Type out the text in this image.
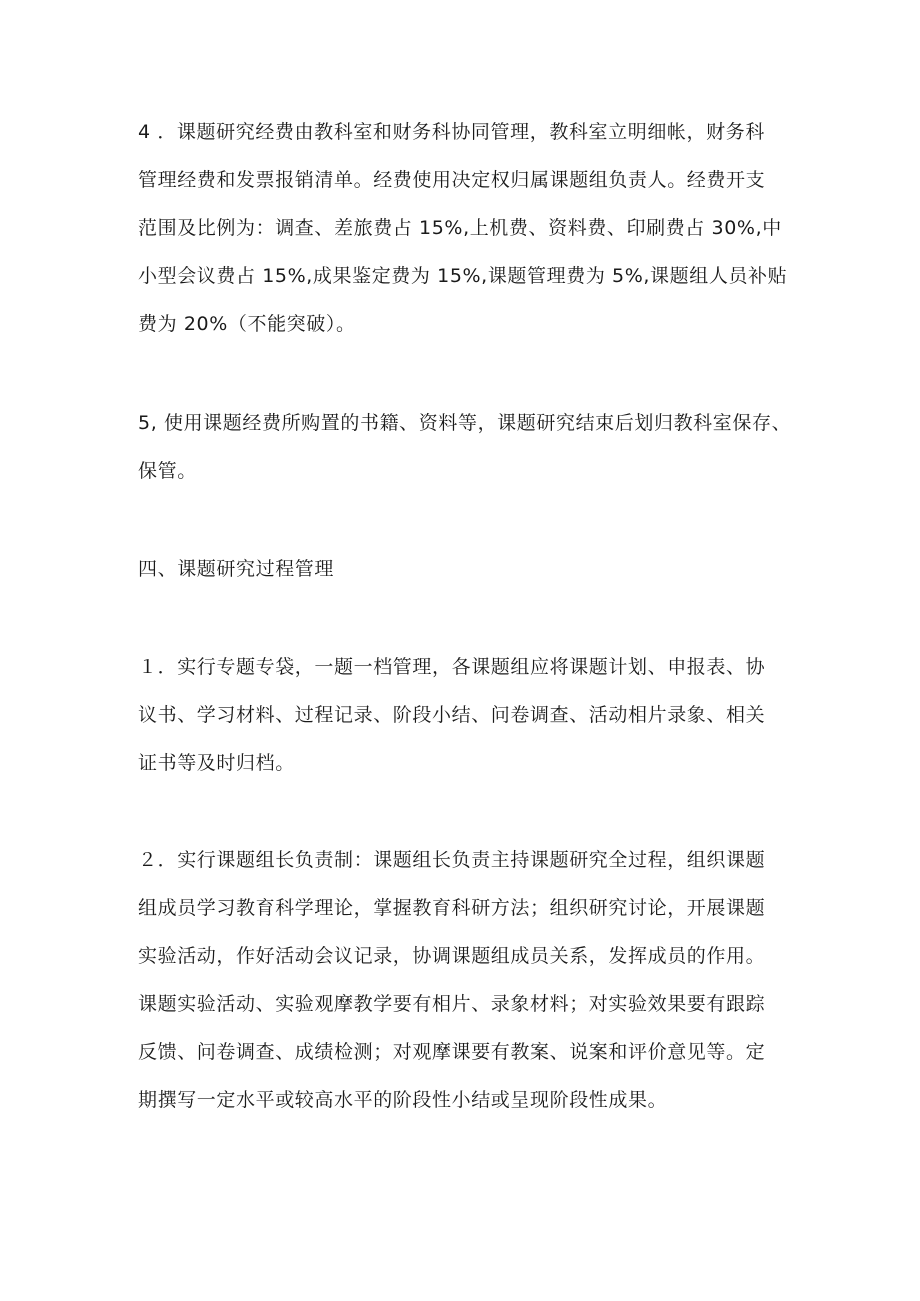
4 ．课题研究经费由教科室和财务科协同管理，教科室立明细帐，财务科
管理经费和发票报销清单。经费使用决定权归属课题组负责人。经费开支
范围及比例为：调查、差旅费占 15%,上机费、资料费、印刷费占 30%,中
小型会议费占 15%,成果鉴定费为 15%,课题管理费为 5%,课题组人员补贴
费为 20%（不能突破）。
5, 使用课题经费所购置的书籍、资料等，课题研究结束后划归教科室保存、
保管。
四、课题研究过程管理
１．实行专题专袋，一题一档管理，各课题组应将课题计划、申报表、协
议书、学习材料、过程记录、阶段小结、问卷调查、活动相片录象、相关
证书等及时归档。
２．实行课题组长负责制：课题组长负责主持课题研究全过程，组织课题
组成员学习教育科学理论，掌握教育科研方法；组织研究讨论，开展课题
实验活动，作好活动会议记录，协调课题组成员关系，发挥成员的作用。
课题实验活动、实验观摩教学要有相片、录象材料；对实验效果要有跟踪
反馈、问卷调查、成绩检测；对观摩课要有教案、说案和评价意见等。定
期撰写一定水平或较高水平的阶段性小结或呈现阶段性成果。
